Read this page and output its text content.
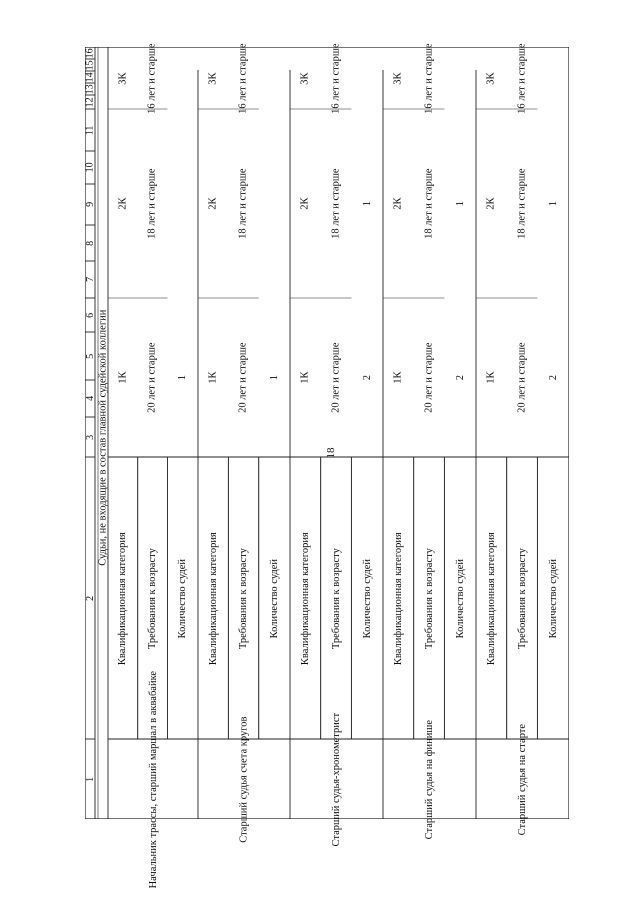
18
1
2
3
4
5
6
7
8
9
10
11
12
13
14
15
16
Судьи, не входящие в состав главной судейской коллегии
Старший судья на старте
Квалификационная категория Требования к возрасту Количество судей
1К
2К
3К
20 лет и старше
18 лет и старше
16 лет и старше
2
1
Старший судья на финише
Квалификационная категория Требования к возрасту Количество судей
1К
2К
3К
20 лет и старше
18 лет и старше
16 лет и старше
2
1
Старший судья-хронометрист
Квалификационная категория Требования к возрасту Количество судей
1К
2К
3К
20 лет и старше
18 лет и старше
16 лет и старше
2
1
Старший судья счета кругов
Квалификационная категория Требования к возрасту Количество судей
1К
2К
3К
20 лет и старше
18 лет и старше
16 лет и старше
1
Начальник трассы, старший маршал в аквабайке
Квалификационная категория Требования к возрасту Количество судей
1К
2К
3К
20 лет и старше
18 лет и старше
16 лет и старше
1
